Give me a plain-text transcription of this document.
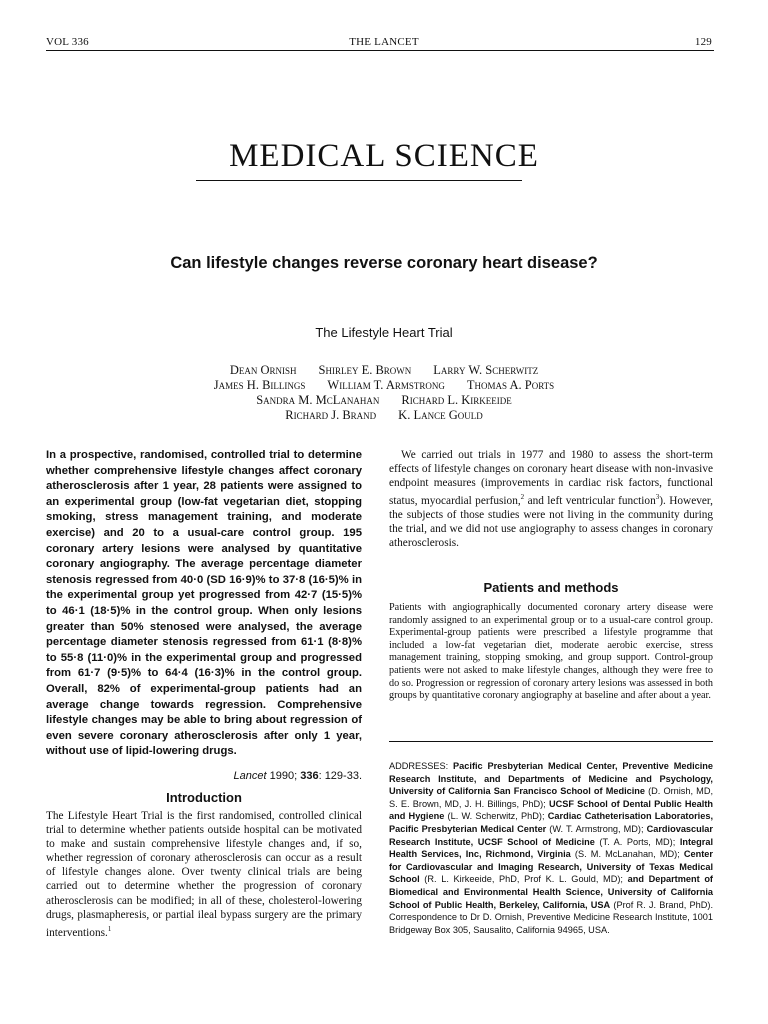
VOL 336	THE LANCET	129
MEDICAL SCIENCE
Can lifestyle changes reverse coronary heart disease?
The Lifestyle Heart Trial
Dean Ornish Shirley E. Brown Larry W. Scherwitz
James H. Billings William T. Armstrong Thomas A. Ports
Sandra M. McLanahan Richard L. Kirkeeide
Richard J. Brand K. Lance Gould
In a prospective, randomised, controlled trial to determine whether comprehensive lifestyle changes affect coronary atherosclerosis after 1 year, 28 patients were assigned to an experimental group (low-fat vegetarian diet, stopping smoking, stress management training, and moderate exercise) and 20 to a usual-care control group. 195 coronary artery lesions were analysed by quantitative coronary angiography. The average percentage diameter stenosis regressed from 40·0 (SD 16·9)% to 37·8 (16·5)% in the experimental group yet progressed from 42·7 (15·5)% to 46·1 (18·5)% in the control group. When only lesions greater than 50% stenosed were analysed, the average percentage diameter stenosis regressed from 61·1 (8·8)% to 55·8 (11·0)% in the experimental group and progressed from 61·7 (9·5)% to 64·4 (16·3)% in the control group. Overall, 82% of experimental-group patients had an average change towards regression. Comprehensive lifestyle changes may be able to bring about regression of even severe coronary atherosclerosis after only 1 year, without use of lipid-lowering drugs.
Lancet 1990; 336: 129-33.
Introduction
The Lifestyle Heart Trial is the first randomised, controlled clinical trial to determine whether patients outside hospital can be motivated to make and sustain comprehensive lifestyle changes and, if so, whether regression of coronary atherosclerosis can occur as a result of lifestyle changes alone. Over twenty clinical trials are being carried out to determine whether the progression of coronary atherosclerosis can be modified; in all of these, cholesterol-lowering drugs, plasmapheresis, or partial ileal bypass surgery are the primary interventions.$^1$
We carried out trials in 1977 and 1980 to assess the short-term effects of lifestyle changes on coronary heart disease with non-invasive endpoint measures (improvements in cardiac risk factors, functional status, myocardial perfusion,$^2$ and left ventricular function$^3$). However, the subjects of those studies were not living in the community during the trial, and we did not use angiography to assess changes in coronary atherosclerosis.
Patients and methods
Patients with angiographically documented coronary artery disease were randomly assigned to an experimental group or to a usual-care control group. Experimental-group patients were prescribed a lifestyle programme that included a low-fat vegetarian diet, moderate aerobic exercise, stress management training, stopping smoking, and group support. Control-group patients were not asked to make lifestyle changes, although they were free to do so. Progression or regression of coronary artery lesions was assessed in both groups by quantitative coronary angiography at baseline and after about a year.
ADDRESSES: Pacific Presbyterian Medical Center, Preventive Medicine Research Institute, and Departments of Medicine and Psychology, University of California San Francisco School of Medicine (D. Ornish, MD, S. E. Brown, MD, J. H. Billings, PhD); UCSF School of Dental Public Health and Hygiene (L. W. Scherwitz, PhD); Cardiac Catheterisation Laboratories, Pacific Presbyterian Medical Center (W. T. Armstrong, MD); Cardiovascular Research Institute, UCSF School of Medicine (T. A. Ports, MD); Integral Health Services, Inc, Richmond, Virginia (S. M. McLanahan, MD); Center for Cardiovascular and Imaging Research, University of Texas Medical School (R. L. Kirkeeide, PhD, Prof K. L. Gould, MD); and Department of Biomedical and Environmental Health Science, University of California School of Public Health, Berkeley, California, USA (Prof R. J. Brand, PhD). Correspondence to Dr D. Ornish, Preventive Medicine Research Institute, 1001 Bridgeway Box 305, Sausalito, California 94965, USA.
